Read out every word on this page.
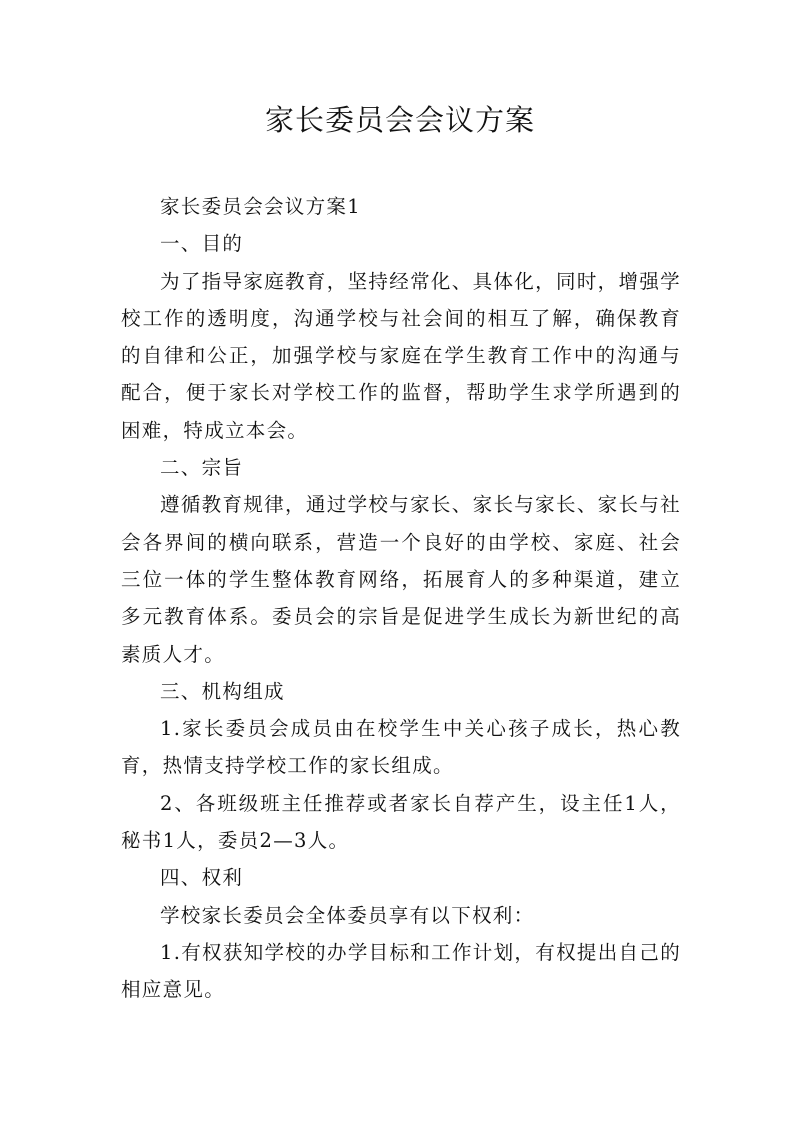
家长委员会会议方案

家长委员会会议方案1

一、目的

为了指导家庭教育，坚持经常化、具体化，同时，增强学校工作的透明度，沟通学校与社会间的相互了解，确保教育的自律和公正，加强学校与家庭在学生教育工作中的沟通与配合，便于家长对学校工作的监督，帮助学生求学所遇到的困难，特成立本会。

二、宗旨

遵循教育规律，通过学校与家长、家长与家长、家长与社会各界间的横向联系，营造一个良好的由学校、家庭、社会三位一体的学生整体教育网络，拓展育人的多种渠道，建立多元教育体系。委员会的宗旨是促进学生成长为新世纪的高素质人才。

三、机构组成

1.家长委员会成员由在校学生中关心孩子成长，热心教育，热情支持学校工作的家长组成。

2、各班级班主任推荐或者家长自荐产生，设主任1人，秘书1人，委员2—3人。

四、权利

学校家长委员会全体委员享有以下权利：

1.有权获知学校的办学目标和工作计划，有权提出自己的相应意见。
